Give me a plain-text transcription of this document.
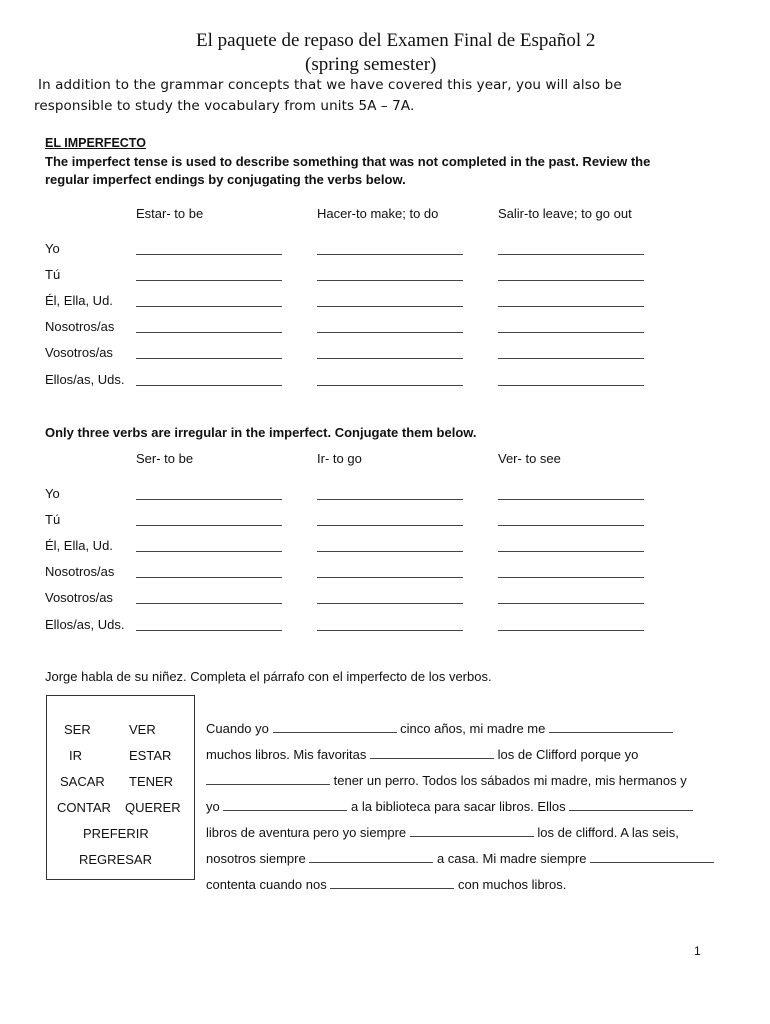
El paquete de repaso del Examen Final de Español 2
(spring semester)
In addition to the grammar concepts that we have covered this year, you will also be
responsible to study the vocabulary from units 5A – 7A.
EL IMPERFECTO
The imperfect tense is used to describe something that was not completed in the past. Review the
regular imperfect endings by conjugating the verbs below.
Estar- to be	Hacer-to make; to do	Salir-to leave; to go out
Yo
Tú
Él, Ella, Ud.
Nosotros/as
Vosotros/as
Ellos/as, Uds.
Only three verbs are irregular in the imperfect. Conjugate them below.
Ser- to be	Ir- to go	Ver- to see
Yo
Tú
Él, Ella, Ud.
Nosotros/as
Vosotros/as
Ellos/as, Uds.
Jorge habla de su niñez. Completa el párrafo con el imperfecto de los verbos.
SER	VER
IR	ESTAR
SACAR TENER
CONTAR QUERER
PREFERIR
REGRESAR
Cuando yo	cinco años, mi madre me
muchos libros. Mis favoritas	los de Clifford porque yo
tener un perro. Todos los sábados mi madre, mis hermanos y
yo	a la biblioteca para sacar libros. Ellos
libros de aventura pero yo siempre	los de clifford. A las seis,
nosotros siempre	a casa. Mi madre siempre
contenta cuando nos	con muchos libros.
1
